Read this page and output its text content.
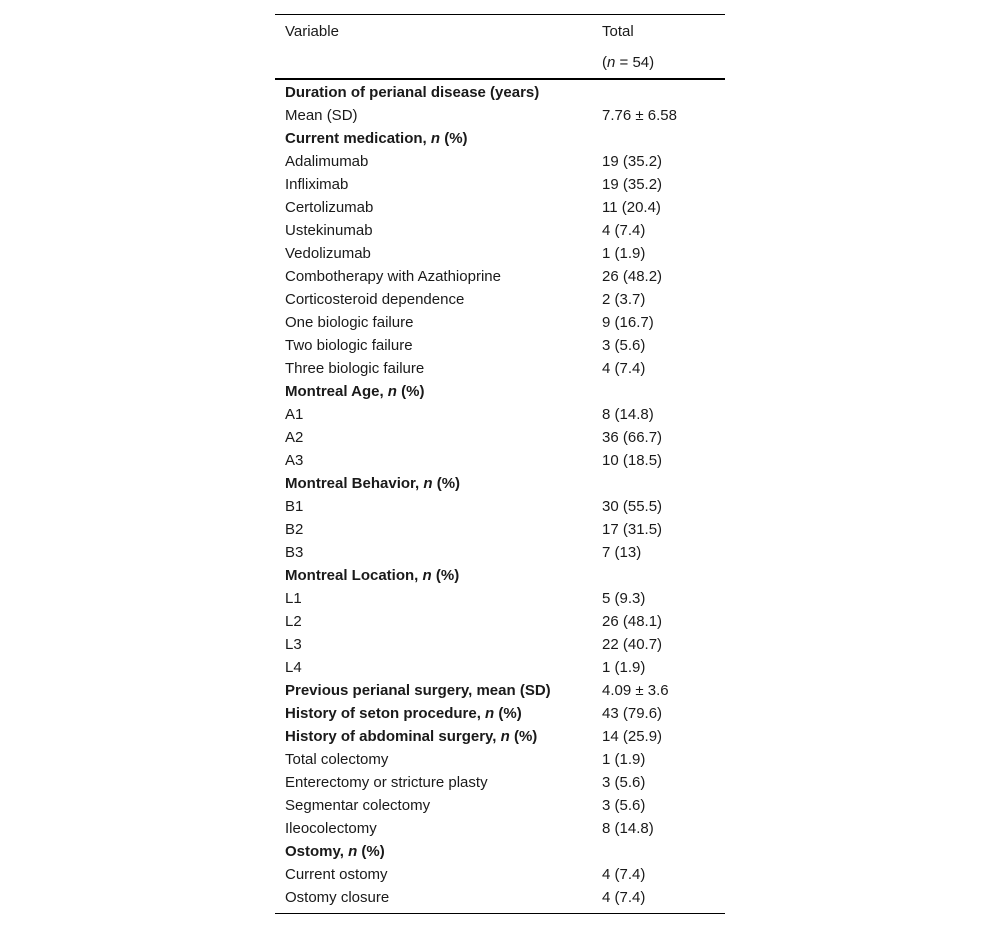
Variable	Total
(n = 54)
Duration of perianal disease (years)
Mean (SD)	7.76 ± 6.58
Current medication, n (%)
Adalimumab	19 (35.2)
Infliximab	19 (35.2)
Certolizumab	11 (20.4)
Ustekinumab	4 (7.4)
Vedolizumab	1 (1.9)
Combotherapy with Azathioprine	26 (48.2)
Corticosteroid dependence	2 (3.7)
One biologic failure	9 (16.7)
Two biologic failure	3 (5.6)
Three biologic failure	4 (7.4)
Montreal Age, n (%)
A1	8 (14.8)
A2	36 (66.7)
A3	10 (18.5)
Montreal Behavior, n (%)
B1	30 (55.5)
B2	17 (31.5)
B3	7 (13)
Montreal Location, n (%)
L1	5 (9.3)
L2	26 (48.1)
L3	22 (40.7)
L4	1 (1.9)
Previous perianal surgery, mean (SD)	4.09 ± 3.6
History of seton procedure, n (%)	43 (79.6)
History of abdominal surgery, n (%)	14 (25.9)
Total colectomy	1 (1.9)
Enterectomy or stricture plasty	3 (5.6)
Segmentar colectomy	3 (5.6)
Ileocolectomy	8 (14.8)
Ostomy, n (%)
Current ostomy	4 (7.4)
Ostomy closure	4 (7.4)
